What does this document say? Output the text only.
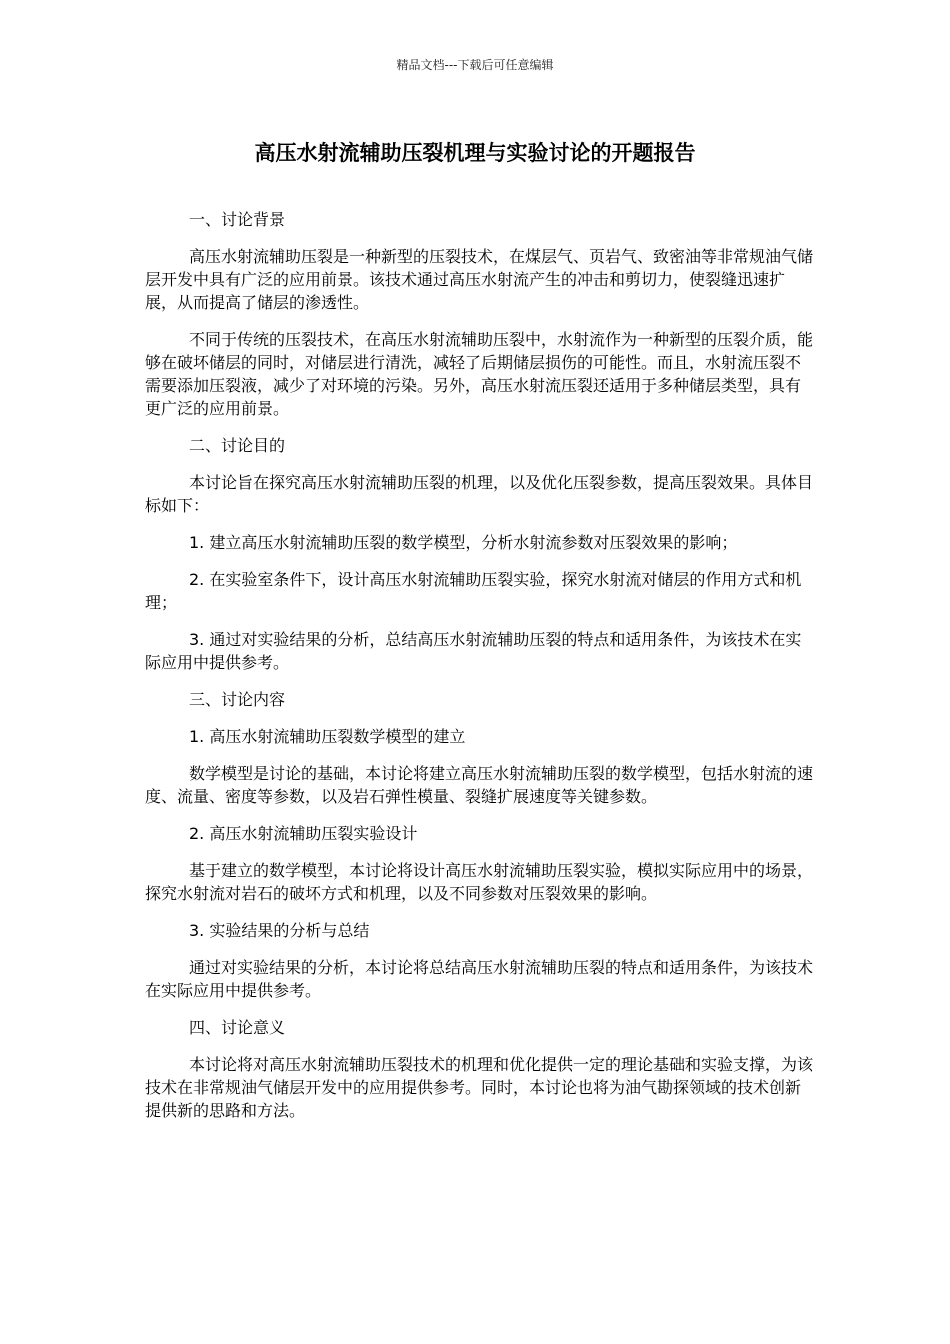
精品文档---下载后可任意编辑
高压水射流辅助压裂机理与实验讨论的开题报告

一、讨论背景

高压水射流辅助压裂是一种新型的压裂技术，在煤层气、页岩气、致密油等非常规油气储层开发中具有广泛的应用前景。该技术通过高压水射流产生的冲击和剪切力，使裂缝迅速扩展，从而提高了储层的渗透性。

不同于传统的压裂技术，在高压水射流辅助压裂中，水射流作为一种新型的压裂介质，能够在破坏储层的同时，对储层进行清洗，减轻了后期储层损伤的可能性。而且，水射流压裂不需要添加压裂液，减少了对环境的污染。另外，高压水射流压裂还适用于多种储层类型，具有更广泛的应用前景。

二、讨论目的

本讨论旨在探究高压水射流辅助压裂的机理，以及优化压裂参数，提高压裂效果。具体目标如下：

1. 建立高压水射流辅助压裂的数学模型，分析水射流参数对压裂效果的影响；

2. 在实验室条件下，设计高压水射流辅助压裂实验，探究水射流对储层的作用方式和机理；

3. 通过对实验结果的分析，总结高压水射流辅助压裂的特点和适用条件，为该技术在实际应用中提供参考。

三、讨论内容

1. 高压水射流辅助压裂数学模型的建立

数学模型是讨论的基础，本讨论将建立高压水射流辅助压裂的数学模型，包括水射流的速度、流量、密度等参数，以及岩石弹性模量、裂缝扩展速度等关键参数。

2. 高压水射流辅助压裂实验设计

基于建立的数学模型，本讨论将设计高压水射流辅助压裂实验，模拟实际应用中的场景，探究水射流对岩石的破坏方式和机理，以及不同参数对压裂效果的影响。

3. 实验结果的分析与总结

通过对实验结果的分析，本讨论将总结高压水射流辅助压裂的特点和适用条件，为该技术在实际应用中提供参考。

四、讨论意义

本讨论将对高压水射流辅助压裂技术的机理和优化提供一定的理论基础和实验支撑，为该技术在非常规油气储层开发中的应用提供参考。同时，本讨论也将为油气勘探领域的技术创新提供新的思路和方法。
